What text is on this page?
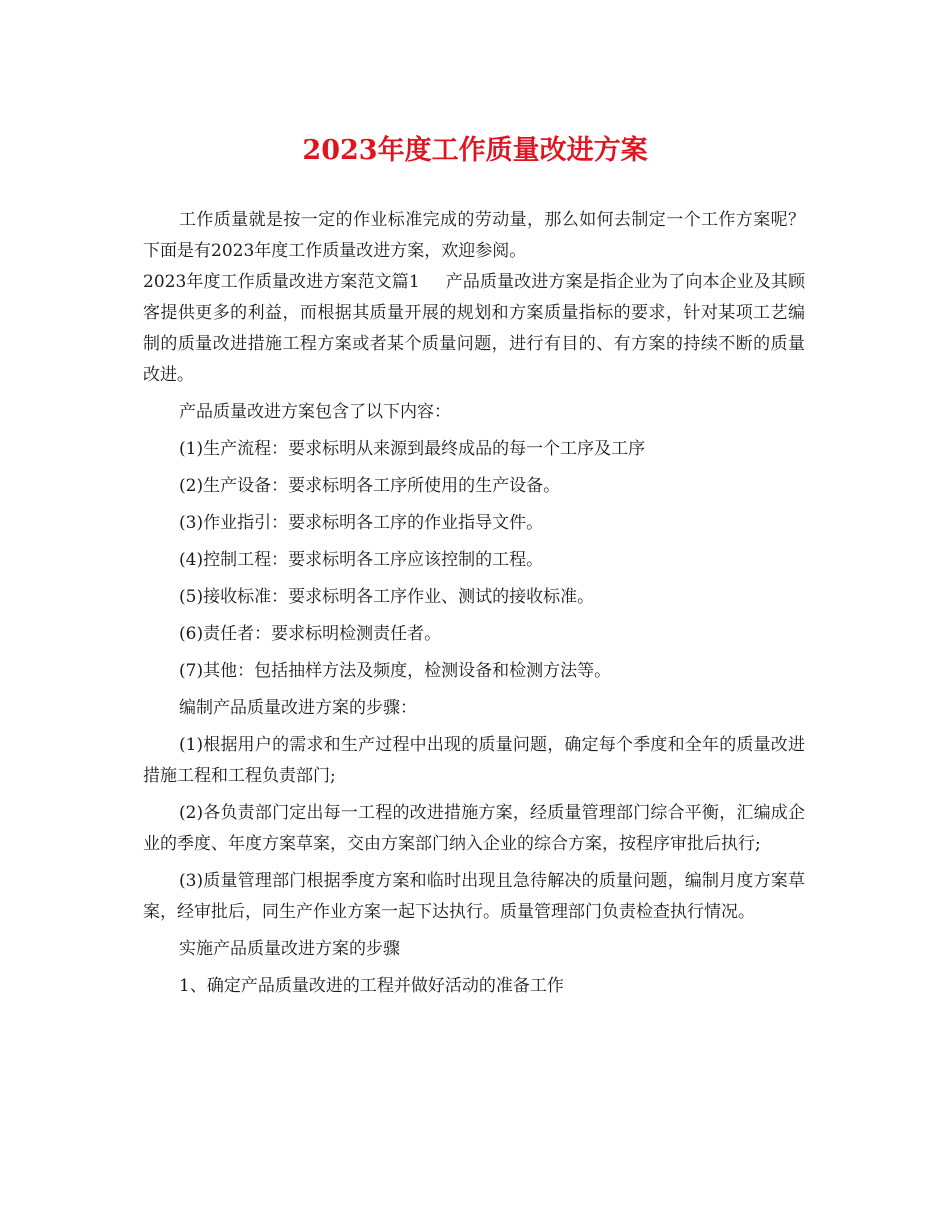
2023年度工作质量改进方案

工作质量就是按一定的作业标准完成的劳动量，那么如何去制定一个工作方案呢？下面是有2023年度工作质量改进方案，欢迎参阅。

2023年度工作质量改进方案范文篇1 产品质量改进方案是指企业为了向本企业及其顾客提供更多的利益，而根据其质量开展的规划和方案质量指标的要求，针对某项工艺编制的质量改进措施工程方案或者某个质量问题，进行有目的、有方案的持续不断的质量改进。

产品质量改进方案包含了以下内容：

(1)生产流程：要求标明从来源到最终成品的每一个工序及工序

(2)生产设备：要求标明各工序所使用的生产设备。

(3)作业指引：要求标明各工序的作业指导文件。

(4)控制工程：要求标明各工序应该控制的工程。

(5)接收标准：要求标明各工序作业、测试的接收标准。

(6)责任者：要求标明检测责任者。

(7)其他：包括抽样方法及频度，检测设备和检测方法等。

编制产品质量改进方案的步骤：

(1)根据用户的需求和生产过程中出现的质量问题，确定每个季度和全年的质量改进措施工程和工程负责部门;

(2)各负责部门定出每一工程的改进措施方案，经质量管理部门综合平衡，汇编成企业的季度、年度方案草案，交由方案部门纳入企业的综合方案，按程序审批后执行;

(3)质量管理部门根据季度方案和临时出现且急待解决的质量问题，编制月度方案草案，经审批后，同生产作业方案一起下达执行。质量管理部门负责检查执行情况。

实施产品质量改进方案的步骤

1、确定产品质量改进的工程并做好活动的准备工作
